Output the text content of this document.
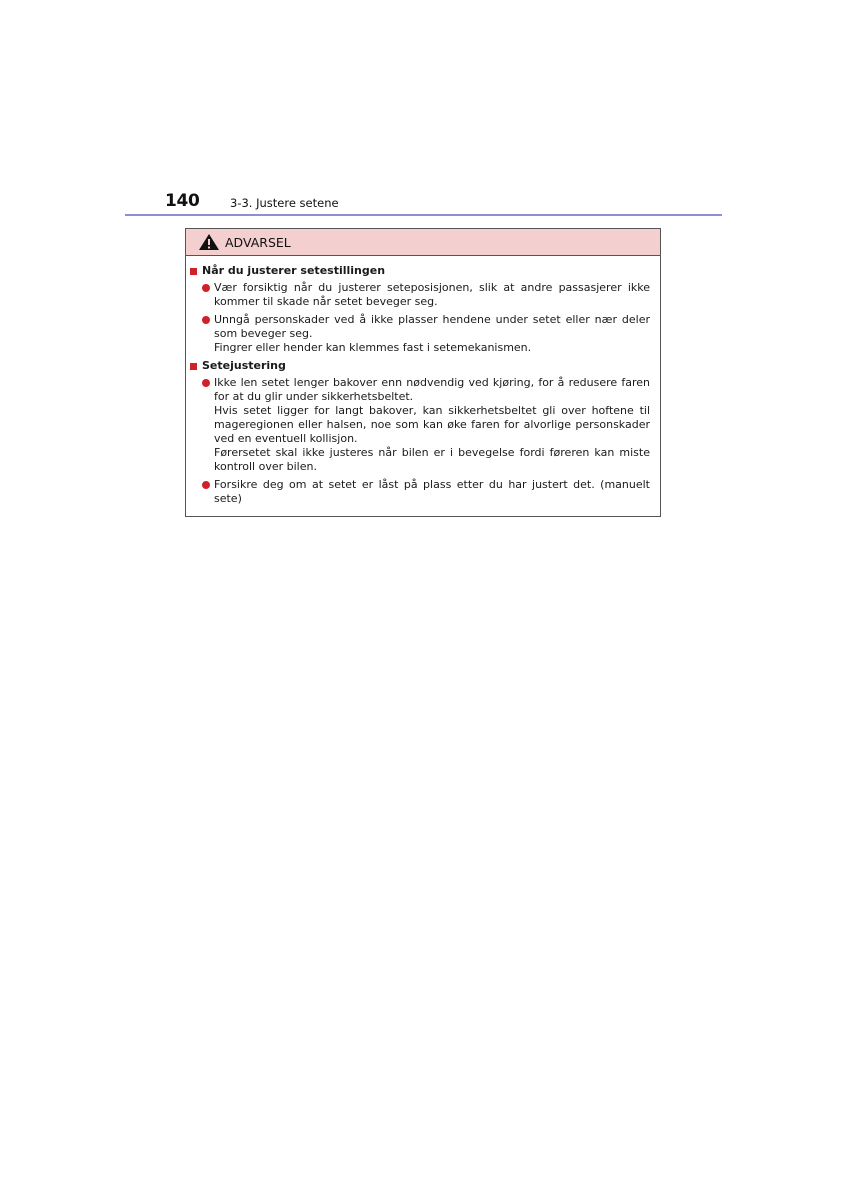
140	3-3. Justere setene
ADVARSEL
Når du justerer setestillingen

Vær forsiktig når du justerer seteposisjonen, slik at andre passasjerer ikke kommer til skade når setet beveger seg.

Unngå personskader ved å ikke plasser hendene under setet eller nær deler som beveger seg.

Fingrer eller hender kan klemmes fast i setemekanismen.

Setejustering

Ikke len setet lenger bakover enn nødvendig ved kjøring, for å redusere faren for at du glir under sikkerhetsbeltet.

Hvis setet ligger for langt bakover, kan sikkerhetsbeltet gli over hoftene til mageregionen eller halsen, noe som kan øke faren for alvorlige personskader ved en eventuell kollisjon.

Førersetet skal ikke justeres når bilen er i bevegelse fordi føreren kan miste kontroll over bilen.

Forsikre deg om at setet er låst på plass etter du har justert det. (manuelt sete)
